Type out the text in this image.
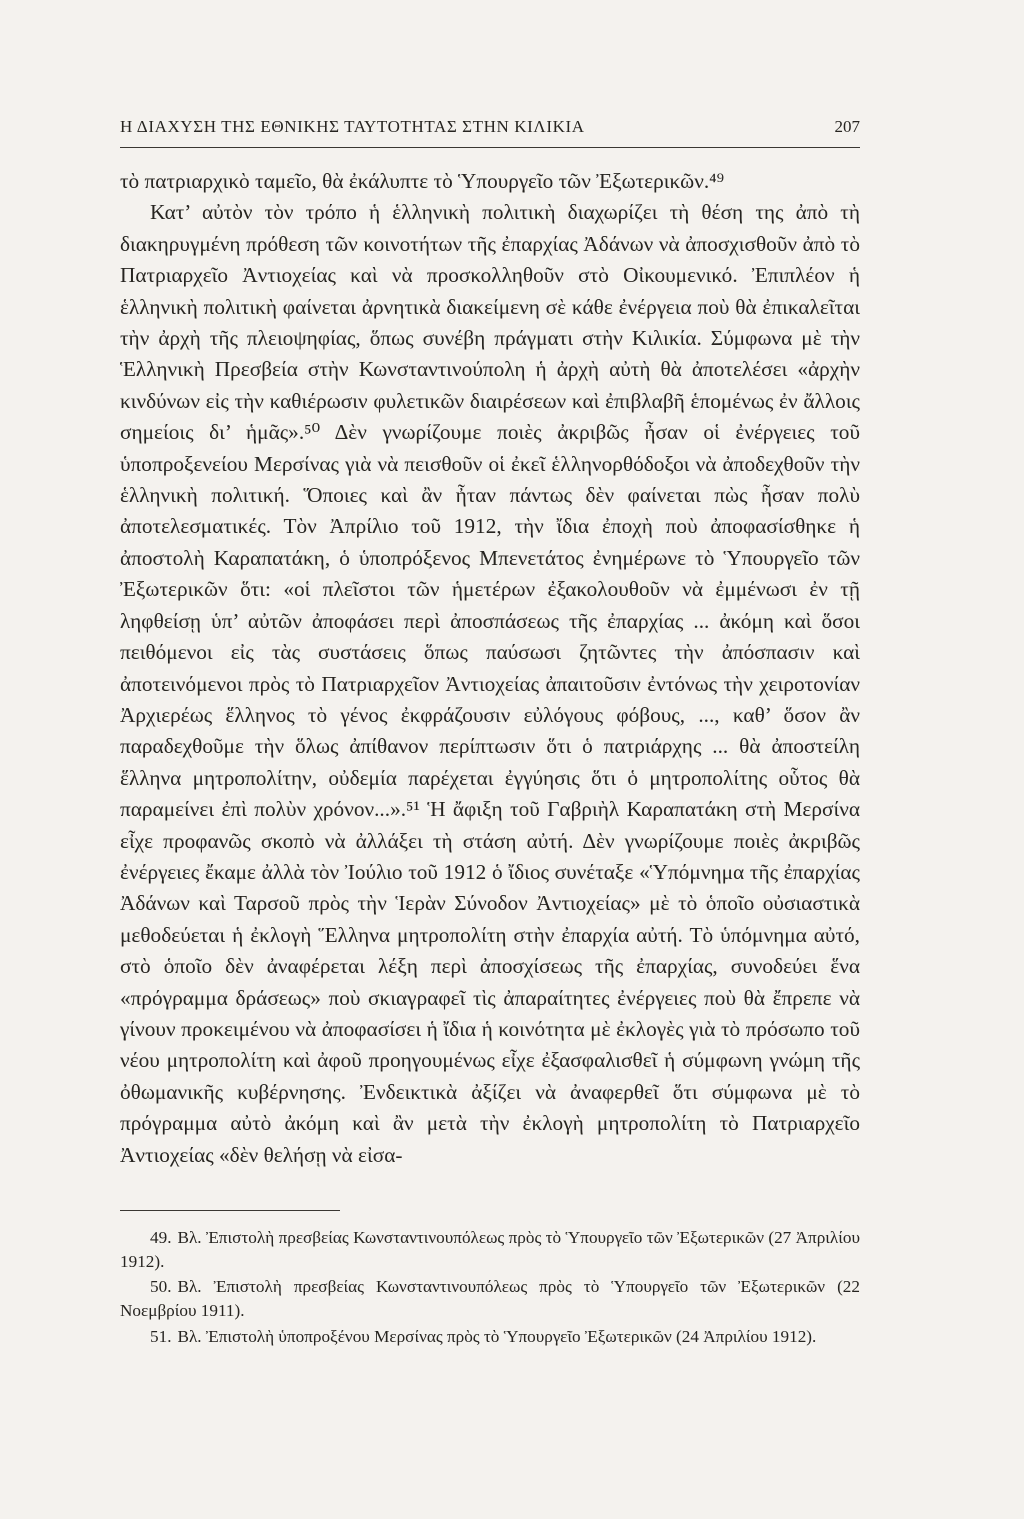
Η ΔΙΑΧΥΣΗ ΤΗΣ ΕΘΝΙΚΗΣ ΤΑΥΤΟΤΗΤΑΣ ΣΤΗΝ ΚΙΛΙΚΙΑ	207

τὸ πατριαρχικὸ ταμεῖο, θὰ ἐκάλυπτε τὸ Ὑπουργεῖο τῶν Ἐξωτερικῶν.⁴⁹

Κατ’ αὐτὸν τὸν τρόπο ἡ ἑλληνικὴ πολιτικὴ διαχωρίζει τὴ θέση της ἀπὸ τὴ διακηρυγμένη πρόθεση τῶν κοινοτήτων τῆς ἐπαρχίας Ἀδάνων νὰ ἀποσχισθοῦν ἀπὸ τὸ Πατριαρχεῖο Ἀντιοχείας καὶ νὰ προσκολληθοῦν στὸ Οἰκουμενικό. Ἐπιπλέον ἡ ἑλληνικὴ πολιτικὴ φαίνεται ἀρνητικὰ διακείμενη σὲ κάθε ἐνέργεια ποὺ θὰ ἐπικαλεῖται τὴν ἀρχὴ τῆς πλειοψηφίας, ὅπως συνέβη πράγματι στὴν Κιλικία. Σύμφωνα μὲ τὴν Ἑλληνικὴ Πρεσβεία στὴν Κωνσταντινούπολη ἡ ἀρχὴ αὐτὴ θὰ ἀποτελέσει «ἀρχὴν κινδύνων εἰς τὴν καθιέρωσιν φυλετικῶν διαιρέσεων καὶ ἐπιβλαβῆ ἑπομένως ἐν ἄλλοις σημείοις δι’ ἡμᾶς».⁵⁰ Δὲν γνωρίζουμε ποιὲς ἀκριβῶς ἦσαν οἱ ἐνέργειες τοῦ ὑποπροξενείου Μερσίνας γιὰ νὰ πεισθοῦν οἱ ἐκεῖ ἑλληνορθόδοξοι νὰ ἀποδεχθοῦν τὴν ἑλληνικὴ πολιτική. Ὅποιες καὶ ἂν ἦταν πάντως δὲν φαίνεται πὼς ἦσαν πολὺ ἀποτελεσματικές. Τὸν Ἀπρίλιο τοῦ 1912, τὴν ἴδια ἐποχὴ ποὺ ἀποφασίσθηκε ἡ ἀποστολὴ Καραπατάκη, ὁ ὑποπρόξενος Μπενετάτος ἐνημέρωνε τὸ Ὑπουργεῖο τῶν Ἐξωτερικῶν ὅτι: «οἱ πλεῖστοι τῶν ἡμετέρων ἐξακολουθοῦν νὰ ἐμμένωσι ἐν τῇ ληφθείσῃ ὑπ’ αὐτῶν ἀποφάσει περὶ ἀποσπάσεως τῆς ἐπαρχίας ... ἀκόμη καὶ ὅσοι πειθόμενοι εἰς τὰς συστάσεις ὅπως παύσωσι ζητῶντες τὴν ἀπόσπασιν καὶ ἀποτεινόμενοι πρὸς τὸ Πατριαρχεῖον Ἀντιοχείας ἀπαιτοῦσιν ἐντόνως τὴν χειροτονίαν Ἀρχιερέως ἕλληνος τὸ γένος ἐκφράζουσιν εὐλόγους φόβους, ..., καθ’ ὅσον ἂν παραδεχθοῦμε τὴν ὅλως ἀπίθανον περίπτωσιν ὅτι ὁ πατριάρχης ... θὰ ἀποστείλη ἕλληνα μητροπολίτην, οὐδεμία παρέχεται ἐγγύησις ὅτι ὁ μητροπολίτης οὗτος θὰ παραμείνει ἐπὶ πολὺν χρόνον...».⁵¹ Ἡ ἄφιξη τοῦ Γαβριὴλ Καραπατάκη στὴ Μερσίνα εἶχε προφανῶς σκοπὸ νὰ ἀλλάξει τὴ στάση αὐτή. Δὲν γνωρίζουμε ποιὲς ἀκριβῶς ἐνέργειες ἔκαμε ἀλλὰ τὸν Ἰούλιο τοῦ 1912 ὁ ἴδιος συνέταξε «Ὑπόμνημα τῆς ἐπαρχίας Ἀδάνων καὶ Ταρσοῦ πρὸς τὴν Ἱερὰν Σύνοδον Ἀντιοχείας» μὲ τὸ ὁποῖο οὐσιαστικὰ μεθοδεύεται ἡ ἐκλογὴ Ἕλληνα μητροπολίτη στὴν ἐπαρχία αὐτή. Τὸ ὑπόμνημα αὐτό, στὸ ὁποῖο δὲν ἀναφέρεται λέξη περὶ ἀποσχίσεως τῆς ἐπαρχίας, συνοδεύει ἕνα «πρόγραμμα δράσεως» ποὺ σκιαγραφεῖ τὶς ἀπαραίτητες ἐνέργειες ποὺ θὰ ἔπρεπε νὰ γίνουν προκειμένου νὰ ἀποφασίσει ἡ ἴδια ἡ κοινότητα μὲ ἐκλογὲς γιὰ τὸ πρόσωπο τοῦ νέου μητροπολίτη καὶ ἀφοῦ προηγουμένως εἶχε ἐξασφαλισθεῖ ἡ σύμφωνη γνώμη τῆς ὀθωμανικῆς κυβέρνησης. Ἐνδεικτικὰ ἀξίζει νὰ ἀναφερθεῖ ὅτι σύμφωνα μὲ τὸ πρόγραμμα αὐτὸ ἀκόμη καὶ ἂν μετὰ τὴν ἐκλογὴ μητροπολίτη τὸ Πατριαρχεῖο Ἀντιοχείας «δὲν θελήσῃ νὰ εἰσα-

49. Βλ. Ἐπιστολὴ πρεσβείας Κωνσταντινουπόλεως πρὸς τὸ Ὑπουργεῖο τῶν Ἐξωτερικῶν (27 Ἀπριλίου 1912).

50. Βλ. Ἐπιστολὴ πρεσβείας Κωνσταντινουπόλεως πρὸς τὸ Ὑπουργεῖο τῶν Ἐξωτερικῶν (22 Νοεμβρίου 1911).

51. Βλ. Ἐπιστολὴ ὑποπροξένου Μερσίνας πρὸς τὸ Ὑπουργεῖο Ἐξωτερικῶν (24 Ἀπριλίου 1912).
